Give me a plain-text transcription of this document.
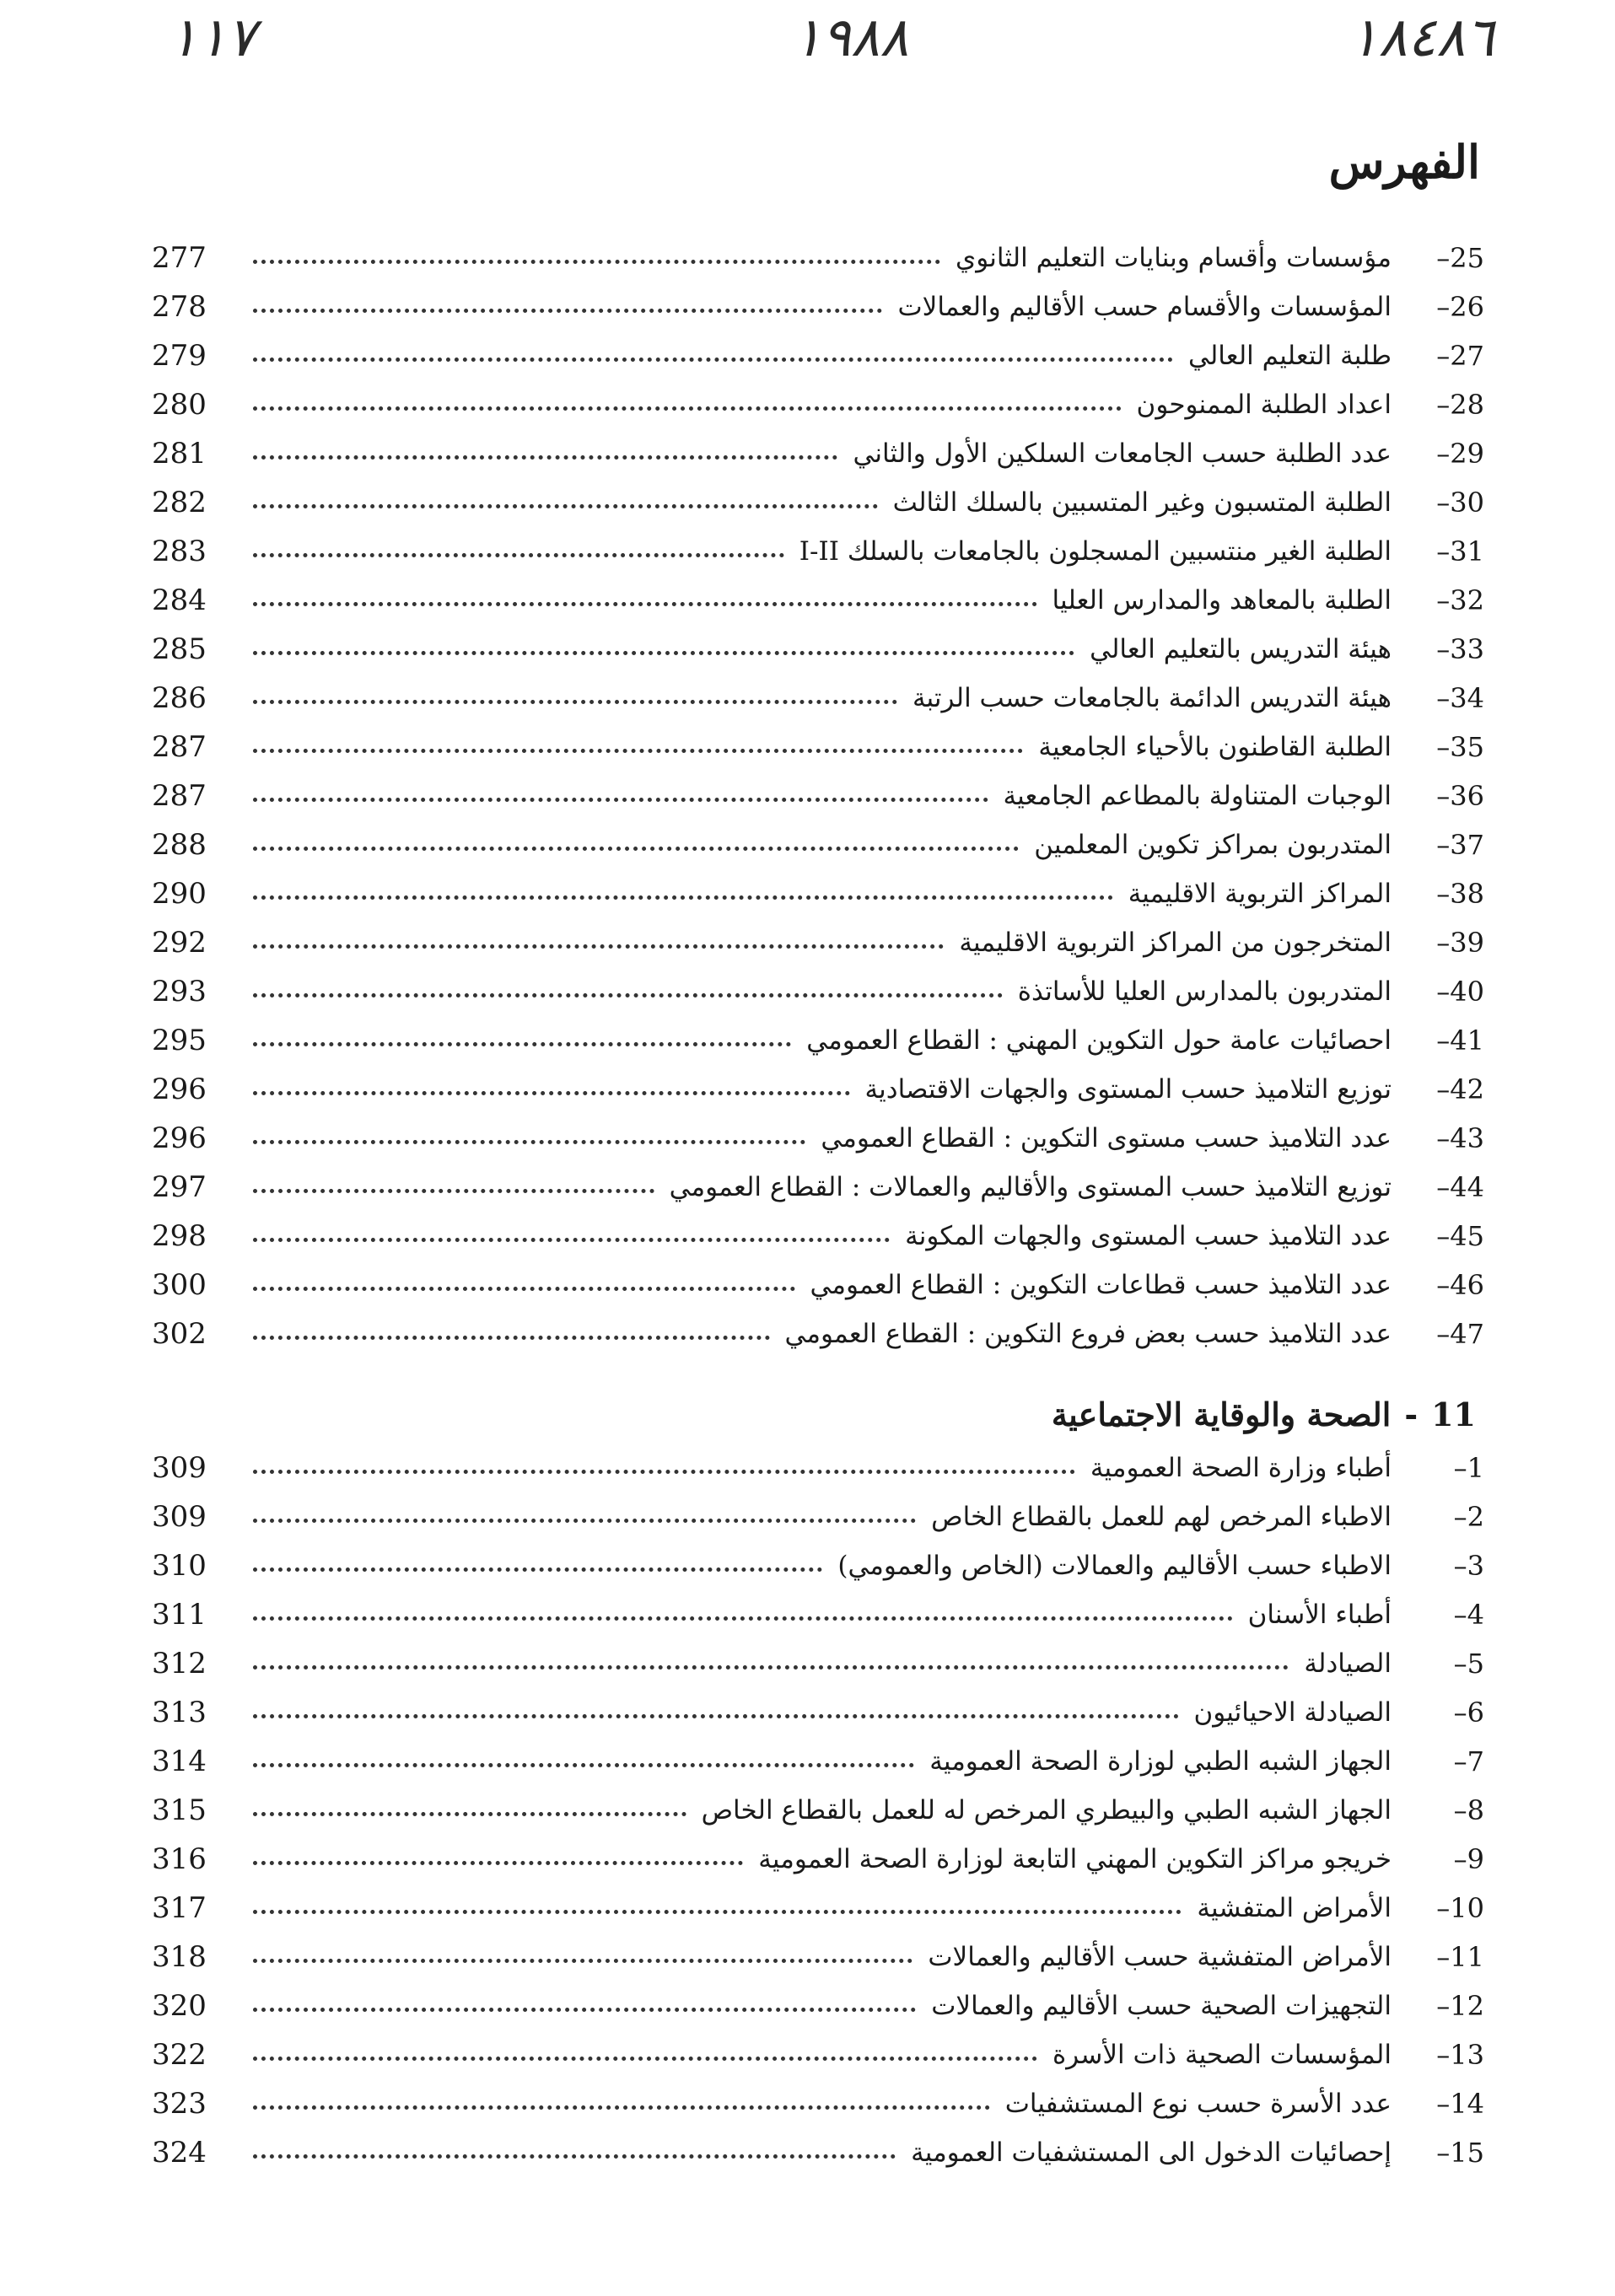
١١٧	١٩٨٨	١٨٤٨٦
الفهرس
277	مؤسسات وأقسام وبنايات التعليم الثانوي	–25
278	المؤسسات والأقسام حسب الأقاليم والعمالات	–26
279	طلبة التعليم العالي	–27
280	اعداد الطلبة الممنوحون	–28
281	عدد الطلبة حسب الجامعات السلكين الأول والثاني	–29
282	الطلبة المتسبون وغير المتسبين بالسلك الثالث	–30
283	الطلبة الغير منتسبين المسجلون بالجامعات بالسلك I-II	–31
284	الطلبة بالمعاهد والمدارس العليا	–32
285	هيئة التدريس بالتعليم العالي	–33
286	هيئة التدريس الدائمة بالجامعات حسب الرتبة	–34
287	الطلبة القاطنون بالأحياء الجامعية	–35
287	الوجبات المتناولة بالمطاعم الجامعية	–36
288	المتدربون بمراكز تكوين المعلمين	–37
290	المراكز التربوية الاقليمية	–38
292	المتخرجون من المراكز التربوية الاقليمية	–39
293	المتدربون بالمدارس العليا للأساتذة	–40
295	احصائيات عامة حول التكوين المهني : القطاع العمومي	–41
296	توزيع التلاميذ حسب المستوى والجهات الاقتصادية	–42
296	عدد التلاميذ حسب مستوى التكوين : القطاع العمومي	–43
297	توزيع التلاميذ حسب المستوى والأقاليم والعمالات : القطاع العمومي	–44
298	عدد التلاميذ حسب المستوى والجهات المكونة	–45
300	عدد التلاميذ حسب قطاعات التكوين : القطاع العمومي	–46
302	عدد التلاميذ حسب بعض فروع التكوين : القطاع العمومي	–47
11
-
الصحة والوقاية الاجتماعية
309	أطباء وزارة الصحة العمومية	–1
309	الاطباء المرخص لهم للعمل بالقطاع الخاص	–2
310	الاطباء حسب الأقاليم والعمالات (الخاص والعمومي)	–3
311	أطباء الأسنان	–4
312	الصيادلة	–5
313	الصيادلة الاحيائيون	–6
314	الجهاز الشبه الطبي لوزارة الصحة العمومية	–7
315	الجهاز الشبه الطبي والبيطري المرخص له للعمل بالقطاع الخاص	–8
316	خريجو مراكز التكوين المهني التابعة لوزارة الصحة العمومية	–9
317	الأمراض المتفشية	–10
318	الأمراض المتفشية حسب الأقاليم والعمالات	–11
320	التجهيزات الصحية حسب الأقاليم والعمالات	–12
322	المؤسسات الصحية ذات الأسرة	–13
323	عدد الأسرة حسب نوع المستشفيات	–14
324	إحصائيات الدخول الى المستشفيات العمومية	–15
